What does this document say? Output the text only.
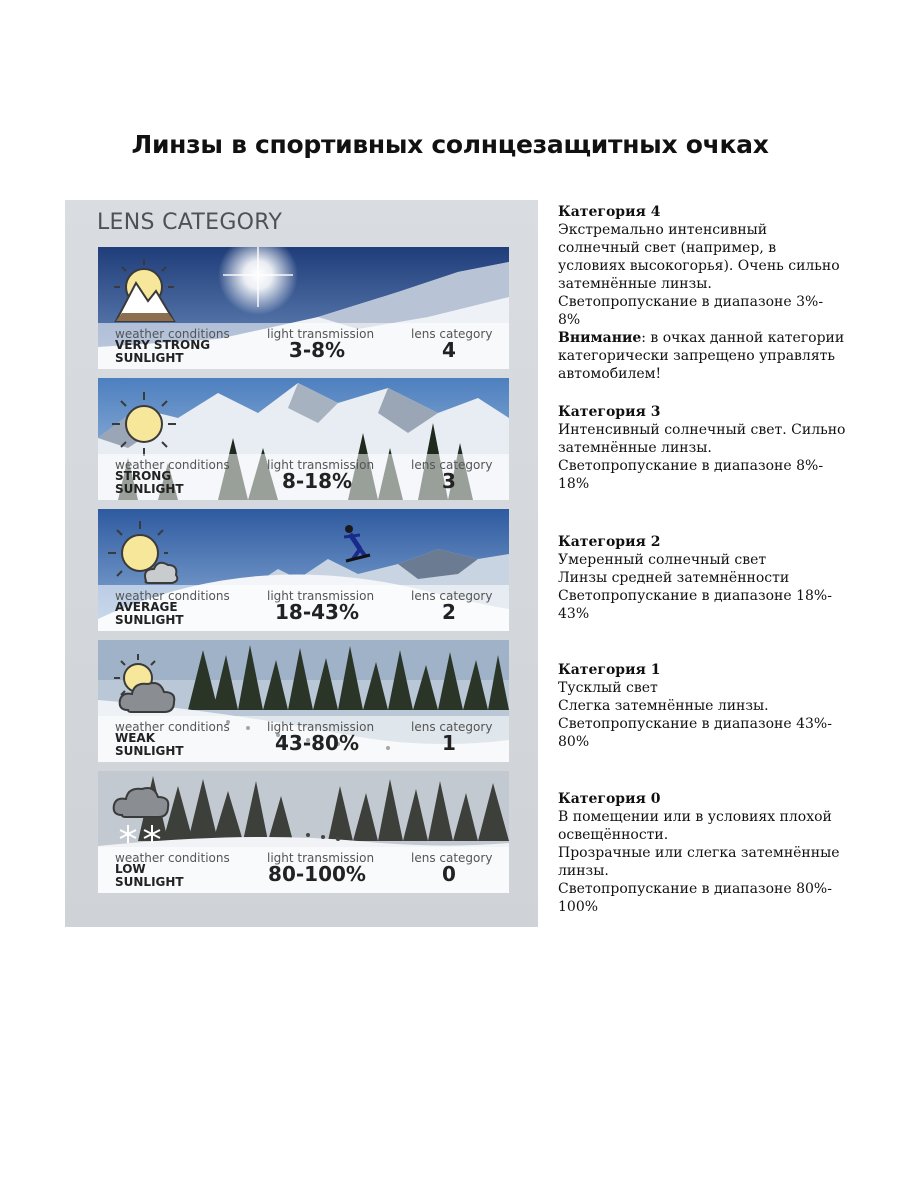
Линзы в спортивных солнцезащитных очках
LENS CATEGORY
weather conditions	light transmission	lens category
VERY STRONG
SUNLIGHT	3-8%	4
weather conditions	light transmission	lens category
STRONG
SUNLIGHT	8-18%	3
weather conditions	light transmission	lens category
AVERAGE
SUNLIGHT	18-43%	2
weather conditions	light transmission	lens category
WEAK
SUNLIGHT	43-80%	1
weather conditions	light transmission	lens category
LOW
SUNLIGHT	80-100%	0
Категория 4
Экстремально интенсивный
солнечный свет (например, в
условиях высокогорья). Очень сильно
затемнённые линзы.
Светопропускание в диапазоне 3%-
8%
Внимание: в очках данной категории
категорически запрещено управлять
автомобилем!
Категория 3
Интенсивный солнечный свет. Сильно
затемнённые линзы.
Светопропускание в диапазоне 8%-
18%
Категория 2
Умеренный солнечный свет
Линзы средней затемнённости
Светопропускание в диапазоне 18%-
43%
Категория 1
Тусклый свет
Слегка затемнённые линзы.
Светопропускание в диапазоне 43%-
80%
Категория 0
В помещении или в условиях плохой
освещённости.
Прозрачные или слегка затемнённые
линзы.
Светопропускание в диапазоне 80%-
100%
